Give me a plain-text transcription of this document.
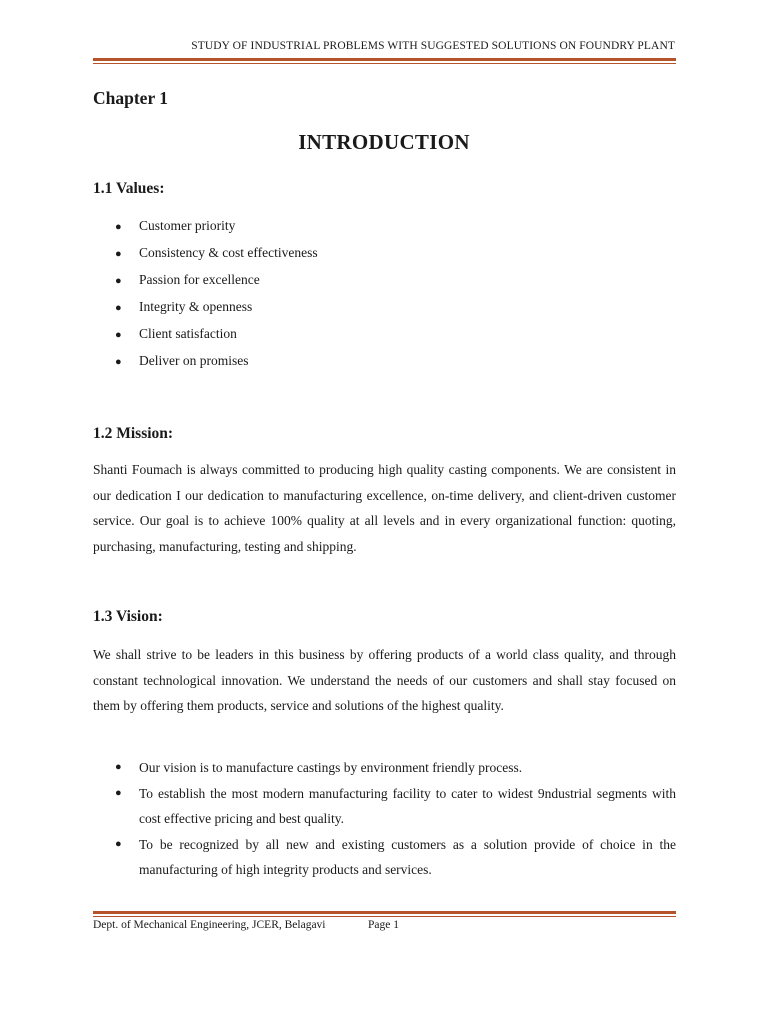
STUDY OF INDUSTRIAL PROBLEMS WITH SUGGESTED SOLUTIONS ON FOUNDRY PLANT
Chapter 1
INTRODUCTION
1.1 Values:
● Customer priority
● Consistency & cost effectiveness
● Passion for excellence
● Integrity & openness
● Client satisfaction
● Deliver on promises
1.2 Mission:

Shanti Foumach is always committed to producing high quality casting components. We are consistent in our dedication I our dedication to manufacturing excellence, on-time delivery, and client-driven customer service. Our goal is to achieve 100% quality at all levels and in every organizational function: quoting, purchasing, manufacturing, testing and shipping.

1.3 Vision:

We shall strive to be leaders in this business by offering products of a world class quality, and through constant technological innovation. We understand the needs of our customers and shall stay focused on them by offering them products, service and solutions of the highest quality.

● Our vision is to manufacture castings by environment friendly process.
● To establish the most modern manufacturing facility to cater to widest 9ndustrial segments with cost effective pricing and best quality.
● To be recognized by all new and existing customers as a solution provide of choice in the manufacturing of high integrity products and services.
Dept. of Mechanical Engineering, JCER, Belagavi	Page 1
